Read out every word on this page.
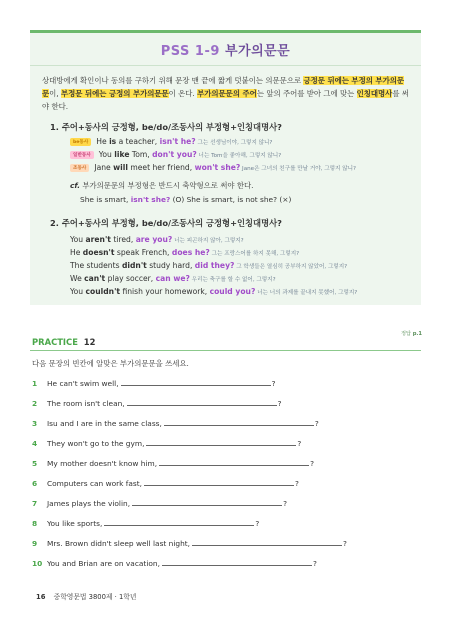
PSS 1-9 부가의문문
상대방에게 확인이나 동의를 구하기 위해 문장 맨 끝에 짧게 덧붙이는 의문문으로 긍정문 뒤에는 부정의 부가의문문이, 부정문 뒤에는 긍정의 부가의문문이 온다. 부가의문문의 주어는 앞의 주어를 받아 그에 맞는 인칭대명사를 써야 한다.
1. 주어+동사의 긍정형, be/do/조동사의 부정형+인칭대명사?
be동사 He is a teacher, isn't he? 그는 선생님이야, 그렇지 않니?
일반동사 You like Tom, don't you? 너는 Tom을 좋아해, 그렇지 않니?
조동사 Jane will meet her friend, won't she? Jane은 그녀의 친구를 만날 거야, 그렇지 않니?
cf. 부가의문문의 부정형은 반드시 축약형으로 써야 한다.
She is smart, isn't she? (O) She is smart, is not she? (×)
2. 주어+동사의 부정형, be/do/조동사의 긍정형+인칭대명사?
You aren't tired, are you? 너는 피곤하지 않아, 그렇지?
He doesn't speak French, does he? 그는 프랑스어를 하지 못해, 그렇지?
The students didn't study hard, did they? 그 학생들은 열심히 공부하지 않았어, 그렇지?
We can't play soccer, can we? 우리는 축구를 할 수 없어, 그렇지?
You couldn't finish your homework, could you? 너는 너의 과제를 끝내지 못했어, 그렇지?
정답 p.1
PRACTICE 12
다음 문장의 빈칸에 알맞은 부가의문문을 쓰세요.
1 He can't swim well,	?
2 The room isn't clean,	?
3 Isu and I are in the same class,	?
4 They won't go to the gym,	?
5 My mother doesn't know him,	?
6 Computers can work fast,	?
7 James plays the violin,	?
8 You like sports,	?
9 Mrs. Brown didn't sleep well last night,	?
10 You and Brian are on vacation,	?
16 중학영문법 3800제 · 1학년
